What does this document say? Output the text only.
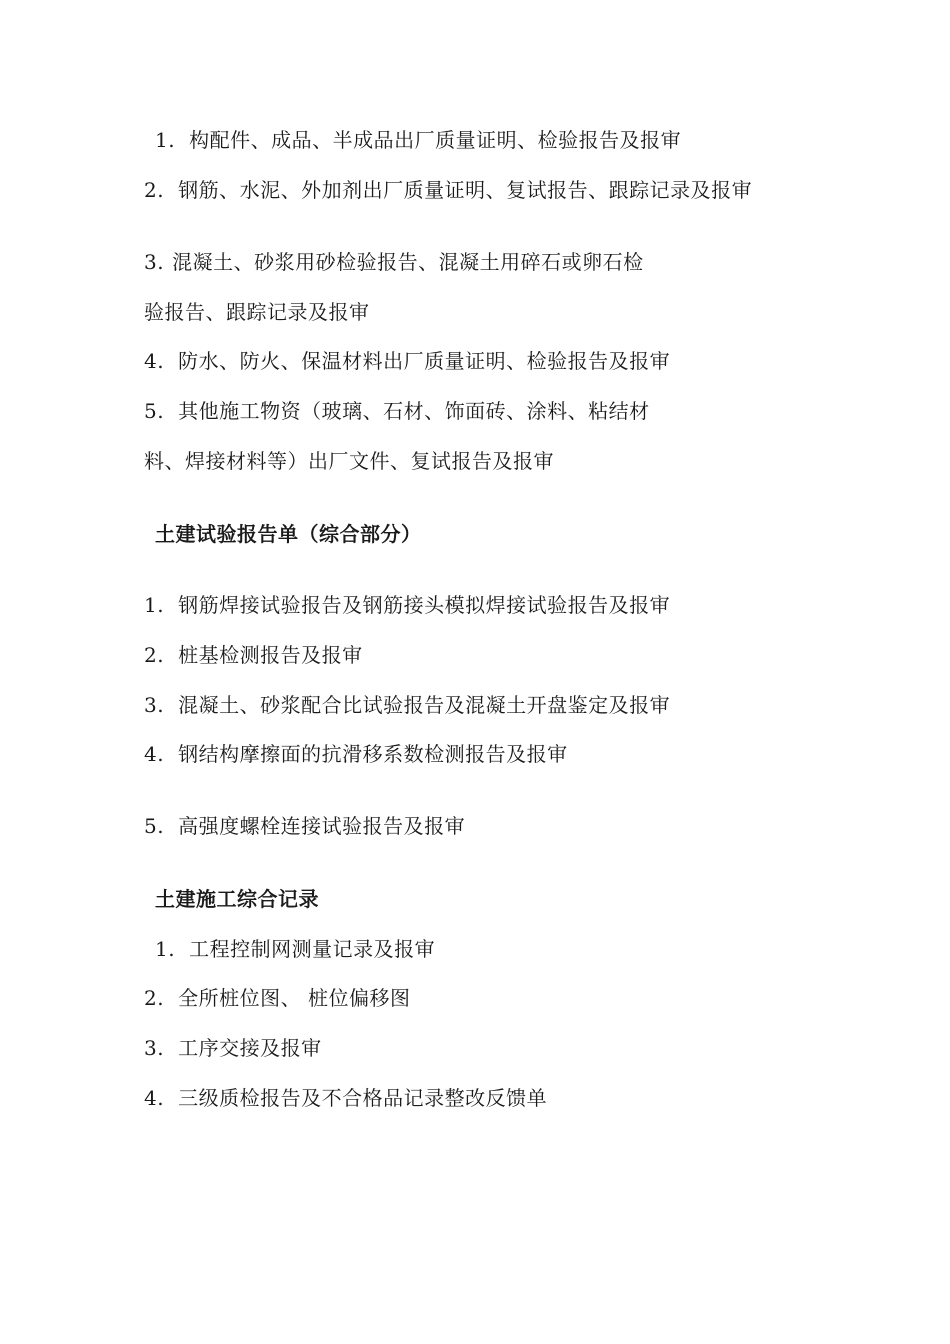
1. 构配件、成品、半成品出厂质量证明、检验报告及报审
2. 钢筋、水泥、外加剂出厂质量证明、复试报告、跟踪记录及报审
3. 混凝土、砂浆用砂检验报告、混凝土用碎石或卵石检
验报告、跟踪记录及报审
4. 防水、防火、保温材料出厂质量证明、检验报告及报审
5. 其他施工物资（玻璃、石材、饰面砖、涂料、粘结材
料、焊接材料等）出厂文件、复试报告及报审
土建试验报告单（综合部分）
1. 钢筋焊接试验报告及钢筋接头模拟焊接试验报告及报审
2. 桩基检测报告及报审
3. 混凝土、砂浆配合比试验报告及混凝土开盘鉴定及报审
4. 钢结构摩擦面的抗滑移系数检测报告及报审
5. 高强度螺栓连接试验报告及报审
土建施工综合记录
1. 工程控制网测量记录及报审
2. 全所桩位图、 桩位偏移图
3. 工序交接及报审
4. 三级质检报告及不合格品记录整改反馈单
